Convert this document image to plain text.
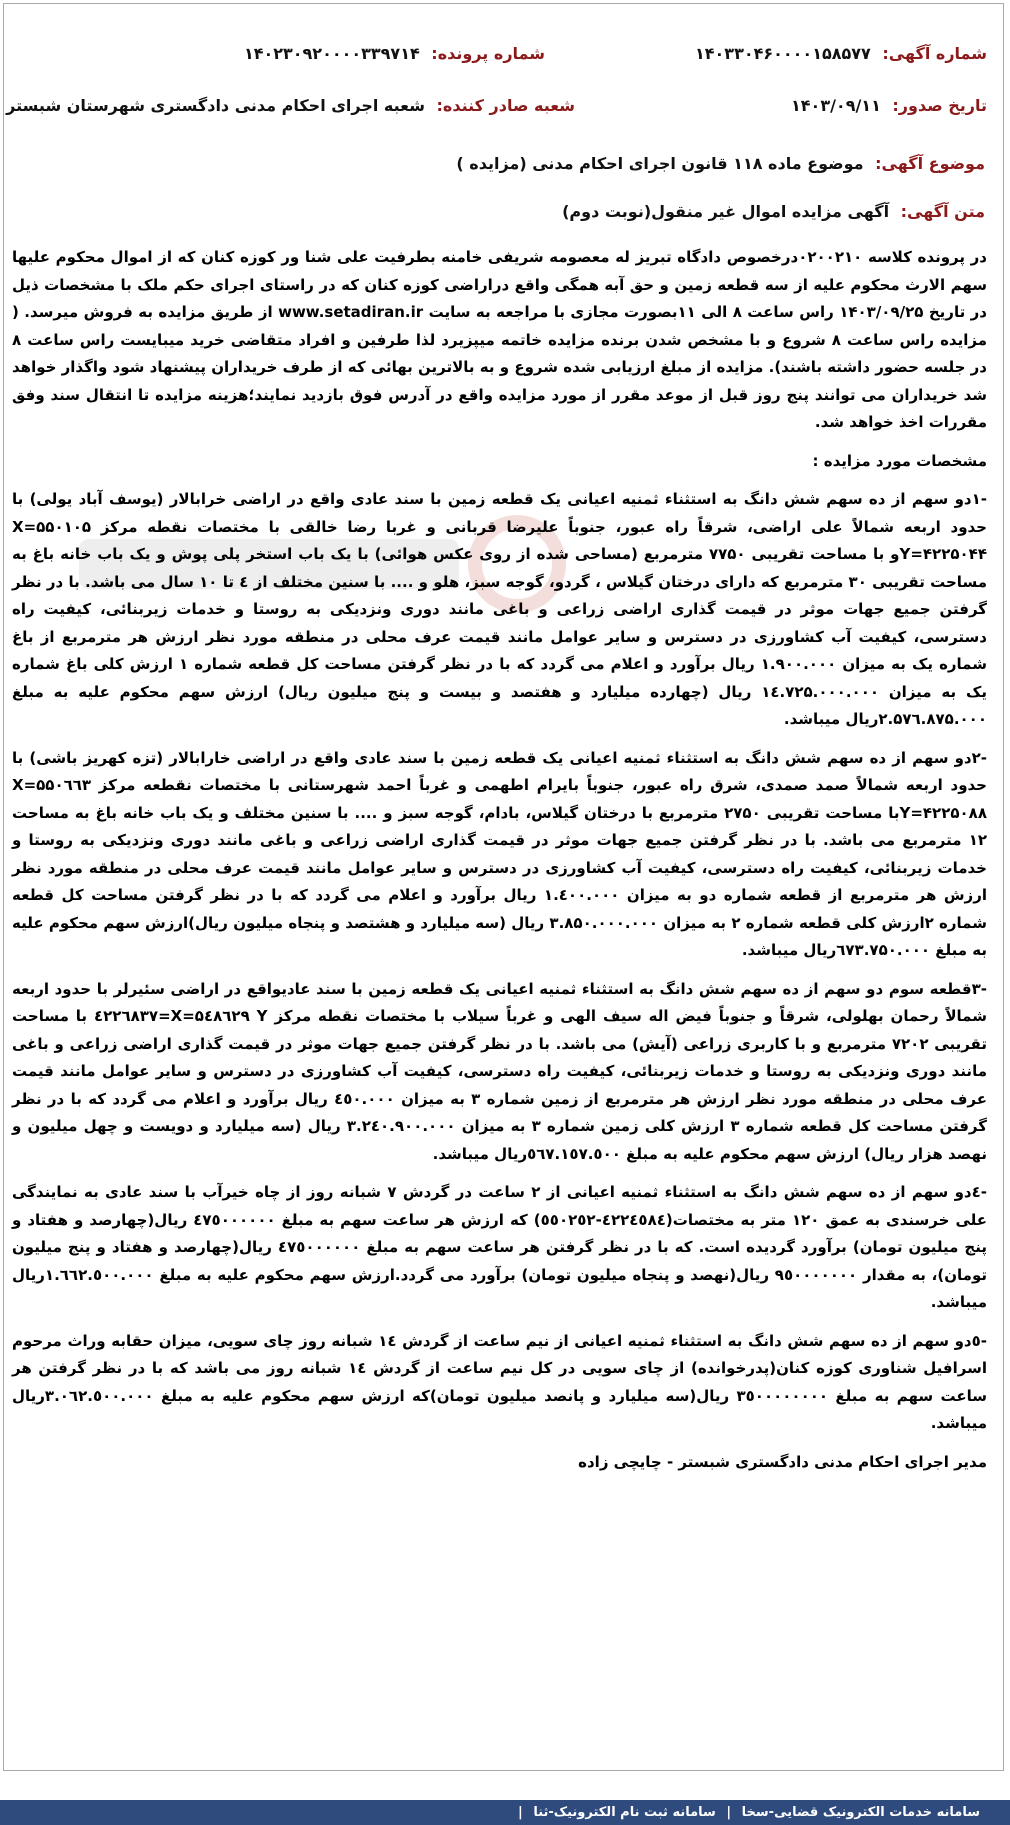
شماره آگهی: ۱۴۰۳۳۰۴۶۰۰۰۰۱۵۸۵۷۷
شماره پرونده: ۱۴۰۲۳۰۹۲۰۰۰۰۳۳۹۷۱۴
تاریخ صدور: ۱۴۰۳/۰۹/۱۱
شعبه صادر کننده: شعبه اجرای احکام مدنی دادگستری شهرستان شبستر
موضوع آگهی: موضوع ماده ۱۱۸ قانون اجرای احکام مدنی (مزایده )
متن آگهی: آگهی مزایده اموال غیر منقول(نوبت دوم)

در پرونده کلاسه ۰۲۰۰۲۱۰درخصوص دادگاه تبریز له معصومه شریفی خامنه بطرفیت علی شنا ور کوزه کنان که از اموال محکوم علیها سهم الارث محکوم علیه از سه قطعه زمین و حق آبه همگی واقع دراراضی کوزه کنان که در راستای اجرای حکم ملک با مشخصات ذیل در تاریخ ۱۴۰۳/۰۹/۲۵ راس ساعت ۸ الی ۱۱بصورت مجازی با مراجعه به سایت www.setadiran.ir از طریق مزایده به فروش میرسد. ( مزایده راس ساعت ۸ شروع و با مشخص شدن برنده مزایده خاتمه میپزیرد لذا طرفین و افراد متقاضی خرید میبایست راس ساعت ۸ در جلسه حضور داشته باشند). مزایده از مبلغ ارزیابی شده شروع و به بالاترین بهائی که از طرف خریداران پیشنهاد شود واگذار خواهد شد خریداران می توانند پنج روز قبل از موعد مقرر از مورد مزایده واقع در آدرس فوق بازدید نمایند؛هزینه مزایده تا انتقال سند وفق مقررات اخذ خواهد شد.

مشخصات مورد مزایده :

-۱دو سهم از ده سهم شش دانگ به استثناء ثمنیه اعیانی یک قطعه زمین با سند عادی واقع در اراضی خرابالار (یوسف آباد یولی) با حدود اربعه شمالاً علی اراضی، شرقاً راه عبور، جنوباً علیرضا قربانی و غربا رضا خالقی با مختصات نقطه مرکز X=۵۵۰۱۰۵ Y=۴۲۲۵۰۴۴و با مساحت تقریبی ۷۷۵۰ مترمربع (مساحی شده از روی عکس هوائی) با یک باب استخر پلی پوش و یک باب خانه باغ به مساحت تقریبی ۳۰ مترمربع که دارای درختان گیلاس ، گردو، گوجه سبز، هلو و .... با سنین مختلف از ٤ تا ۱۰ سال می باشد. با در نظر گرفتن جمیع جهات موثر در قیمت گذاری اراضی زراعی و باغی مانند دوری ونزدیکی به روستا و خدمات زیربنائی، کیفیت راه دسترسی، کیفیت آب کشاورزی در دسترس و سایر عوامل مانند قیمت عرف محلی در منطقه مورد نظر ارزش هر مترمربع از باغ شماره یک به میزان ۱.۹۰۰.۰۰۰ ریال برآورد و اعلام می گردد که با در نظر گرفتن مساحت کل قطعه شماره ۱ ارزش کلی باغ شماره یک به میزان ۱٤.۷۲۵.۰۰۰.۰۰۰ ریال (چهارده میلیارد و هفتصد و بیست و پنج میلیون ریال) ارزش سهم محکوم علیه به مبلغ ۲.۵۷٦.۸۷۵.۰۰۰ریال میباشد.

-۲دو سهم از ده سهم شش دانگ به استثناء ثمنیه اعیانی یک قطعه زمین با سند عادی واقع در اراضی خارابالار (تزه کهریز باشی) با حدود اربعه شمالاً صمد صمدی، شرق راه عبور، جنوباً بایرام اطهمی و غرباً احمد شهرستانی با مختصات نقطعه مرکز X=۵۵۰٦٦۳ Y=۴۲۲۵۰۸۸با مساحت تقریبی ۲۷۵۰ مترمربع با درختان گیلاس، بادام، گوجه سبز و .... با سنین مختلف و یک باب خانه باغ به مساحت ۱۲ مترمربع می باشد. با در نظر گرفتن جمیع جهات موثر در قیمت گذاری اراضی زراعی و باغی مانند دوری ونزدیکی به روستا و خدمات زیربنائی، کیفیت راه دسترسی، کیفیت آب کشاورزی در دسترس و سایر عوامل مانند قیمت عرف محلی در منطقه مورد نظر ارزش هر مترمربع از قطعه شماره دو به میزان ۱.٤۰۰.۰۰۰ ریال برآورد و اعلام می گردد که با در نظر گرفتن مساحت کل قطعه شماره ۲ارزش کلی قطعه شماره ۲ به میزان ۳.۸۵۰.۰۰۰.۰۰۰ ریال (سه میلیارد و هشتصد و پنجاه میلیون ریال)ارزش سهم محکوم علیه به مبلغ ٦۷۳.۷۵۰.۰۰۰ریال میباشد.

-۳قطعه سوم دو سهم از ده سهم شش دانگ به استثناء ثمنیه اعیانی یک قطعه زمین با سند عادیواقع در اراضی سئیرلر با حدود اربعه شمالاً رحمان بهلولی، شرقاً و جنوباً فیض اله سیف الهی و غرباً سیلاب با مختصات نقطه مرکز X=۵٤۸٦۲۹ Y=٤۲۲٦۸۳۷ با مساحت تقریبی ۷۲۰۲ مترمربع و با کاربری زراعی (آیش) می باشد. با در نظر گرفتن جمیع جهات موثر در قیمت گذاری اراضی زراعی و باغی مانند دوری ونزدیکی به روستا و خدمات زیربنائی، کیفیت راه دسترسی، کیفیت آب کشاورزی در دسترس و سایر عوامل مانند قیمت عرف محلی در منطقه مورد نظر ارزش هر مترمربع از زمین شماره ۳ به میزان ٤٥۰.۰۰۰ ریال برآورد و اعلام می گردد که با در نظر گرفتن مساحت کل قطعه شماره ۳ ارزش کلی زمین شماره ۳ به میزان ۳.۲٤۰.۹۰۰.۰۰۰ ریال (سه میلیارد و دویست و چهل میلیون و نهصد هزار ریال) ارزش سهم محکوم علیه به مبلغ ٥٦۷.۱٥۷.٥۰۰ریال میباشد.

-٤دو سهم از ده سهم شش دانگ به استثناء ثمنیه اعیانی از ۲ ساعت در گردش ۷ شبانه روز از چاه خیرآب با سند عادی به نمایندگی علی خرسندی به عمق ۱۲۰ متر به مختصات(٤۲۲٤٥۸٤-٥٥۰۲٥۲) که ارزش هر ساعت سهم به مبلغ ٤۷٥۰۰۰۰۰۰ ریال(چهارصد و هفتاد و پنج میلیون تومان) برآورد گردیده است. که با در نظر گرفتن هر ساعت سهم به مبلغ ٤۷٥۰۰۰۰۰۰ ریال(چهارصد و هفتاد و پنج میلیون تومان)، به مقدار ۹٥۰۰۰۰۰۰۰ ریال(نهصد و پنجاه میلیون تومان) برآورد می گردد.ارزش سهم محکوم علیه به مبلغ ۱.٦٦۲.٥۰۰.۰۰۰ریال میباشد.

-٥دو سهم از ده سهم شش دانگ به استثناء ثمنیه اعیانی از نیم ساعت از گردش ۱٤ شبانه روز چای سویی، میزان حقابه وراث مرحوم اسرافیل شناوری کوزه کنان(پدرخوانده) از چای سویی در کل نیم ساعت از گردش ۱٤ شبانه روز می باشد که با در نظر گرفتن هر ساعت سهم به مبلغ ۳٥۰۰۰۰۰۰۰۰ ریال(سه میلیارد و پانصد میلیون تومان)که ارزش سهم محکوم علیه به مبلغ ۳.۰٦۲.٥۰۰.۰۰۰ریال میباشد.

مدیر اجرای احکام مدنی دادگستری شبستر - چایچی زاده
سامانه خدمات الکترونیک قضایی-سخا | سامانه ثبت نام الکترونیک-ثنا |
